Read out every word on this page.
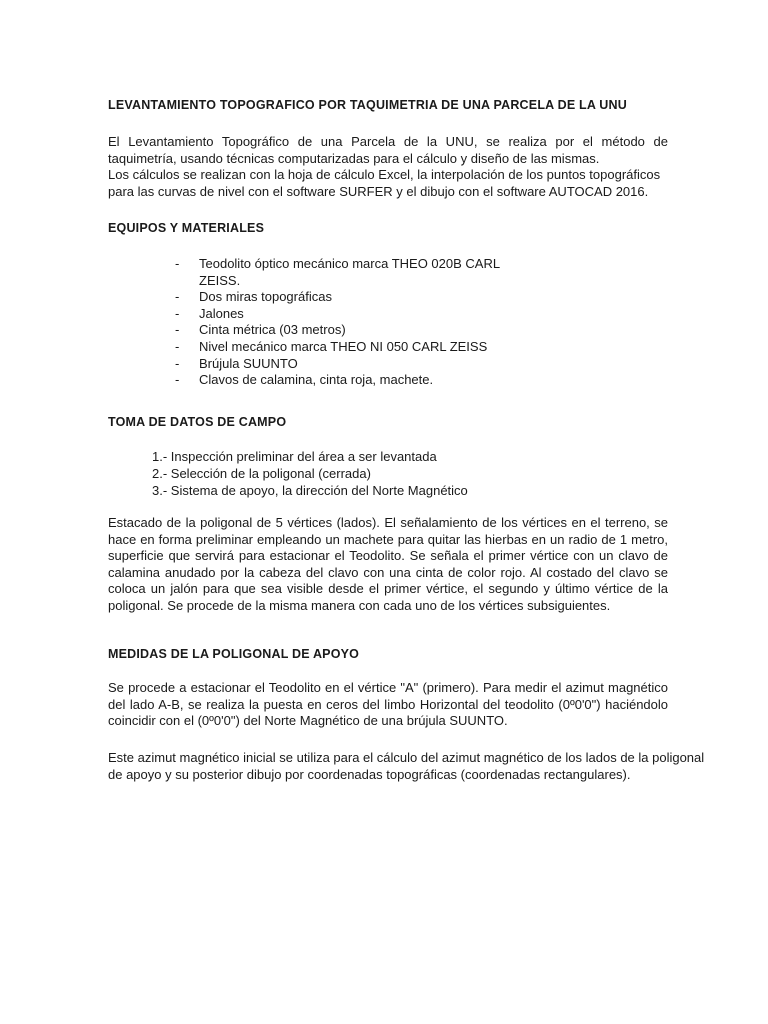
LEVANTAMIENTO TOPOGRAFICO POR TAQUIMETRIA DE UNA PARCELA DE LA UNU
El Levantamiento Topográfico de una Parcela de la UNU, se realiza por el método de
taquimetría, usando técnicas computarizadas para el cálculo y diseño de las mismas.
Los cálculos se realizan con la hoja de cálculo Excel, la interpolación de los puntos topográficos
para las curvas de nivel con el software SURFER y el dibujo con el software AUTOCAD 2016.
EQUIPOS Y MATERIALES
- Teodolito óptico mecánico marca THEO 020B CARL
ZEISS.
- Dos miras topográficas
- Jalones
- Cinta métrica (03 metros)
- Nivel mecánico marca THEO NI 050 CARL ZEISS
- Brújula SUUNTO
- Clavos de calamina, cinta roja, machete.
TOMA DE DATOS DE CAMPO
1.- Inspección preliminar del área a ser levantada
2.- Selección de la poligonal (cerrada)
3.- Sistema de apoyo, la dirección del Norte Magnético
Estacado de la poligonal de 5 vértices (lados). El señalamiento de los vértices en el terreno, se
hace en forma preliminar empleando un machete para quitar las hierbas en un radio de 1 metro,
superficie que servirá para estacionar el Teodolito. Se señala el primer vértice con un clavo de
calamina anudado por la cabeza del clavo con una cinta de color rojo. Al costado del clavo se
coloca un jalón para que sea visible desde el primer vértice, el segundo y último vértice de la
poligonal. Se procede de la misma manera con cada uno de los vértices subsiguientes.
MEDIDAS DE LA POLIGONAL DE APOYO
Se procede a estacionar el Teodolito en el vértice "A" (primero). Para medir el azimut magnético
del lado A-B, se realiza la puesta en ceros del limbo Horizontal del teodolito (0º0'0") haciéndolo
coincidir con el (0º0'0") del Norte Magnético de una brújula SUUNTO.
Este azimut magnético inicial se utiliza para el cálculo del azimut magnético de los lados de la poligonal
de apoyo y su posterior dibujo por coordenadas topográficas (coordenadas rectangulares).
